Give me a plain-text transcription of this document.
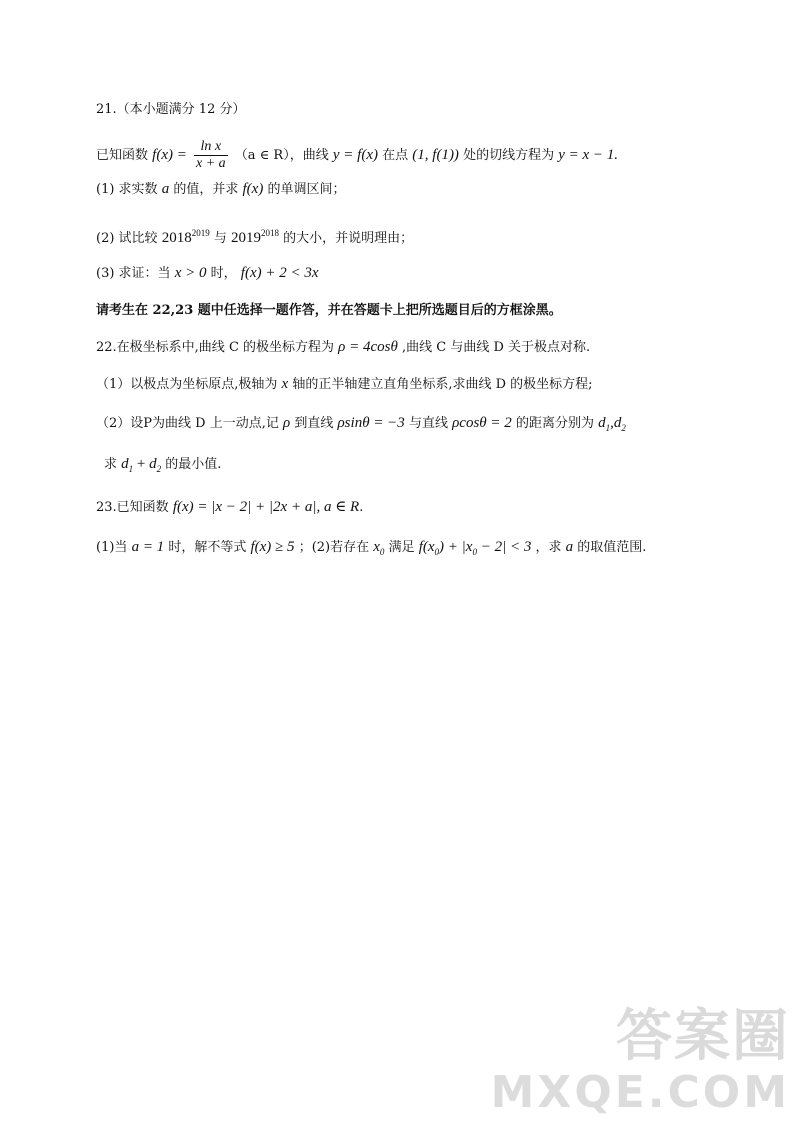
21.（本小题满分 12 分）
已知函数 $f(x) = \frac{\text{ln x}}{x + a} (a$ ∈ R），曲线 y = f(x) 在点 (1, f(1)) 处的切线方程为 y = x − 1.
(1) 求实数 a 的值，并求 f(x) 的单调区间；
(2) 试比较 $2018^{2019}$ 与 $2019^{2018}$ 的大小，并说明理由；
(3) 求证：当 x > 0 时， f(x) + 2 < 3x
请考生在 22,23 题中任选择一题作答，并在答题卡上把所选题目后的方框涂黑。
22.在极坐标系中,曲线 C 的极坐标方程为 ρ = 4cosθ ,曲线 C 与曲线 D 关于极点对称.
（1）以极点为坐标原点,极轴为 x 轴的正半轴建立直角坐标系,求曲线 D 的极坐标方程;
（2）设P为曲线 D 上一动点,记 ρ 到直线 ρsinθ = −3 与直线 ρcosθ = 2 的距离分别为 $d_1,d_2$
求 $d_1 + d_2$ 的最小值.
23.已知函数 f(x) = |x − 2| + |2x + a|, a ∈ R.
(1)当 a = 1 时，解不等式 f(x) ≥ 5 ；(2)若存在 $x_0$ 满足 $f(x_0) + |x_0 - 2| < 3$ ，求 a 的取值范围.
答案圈
MXQE.COM
